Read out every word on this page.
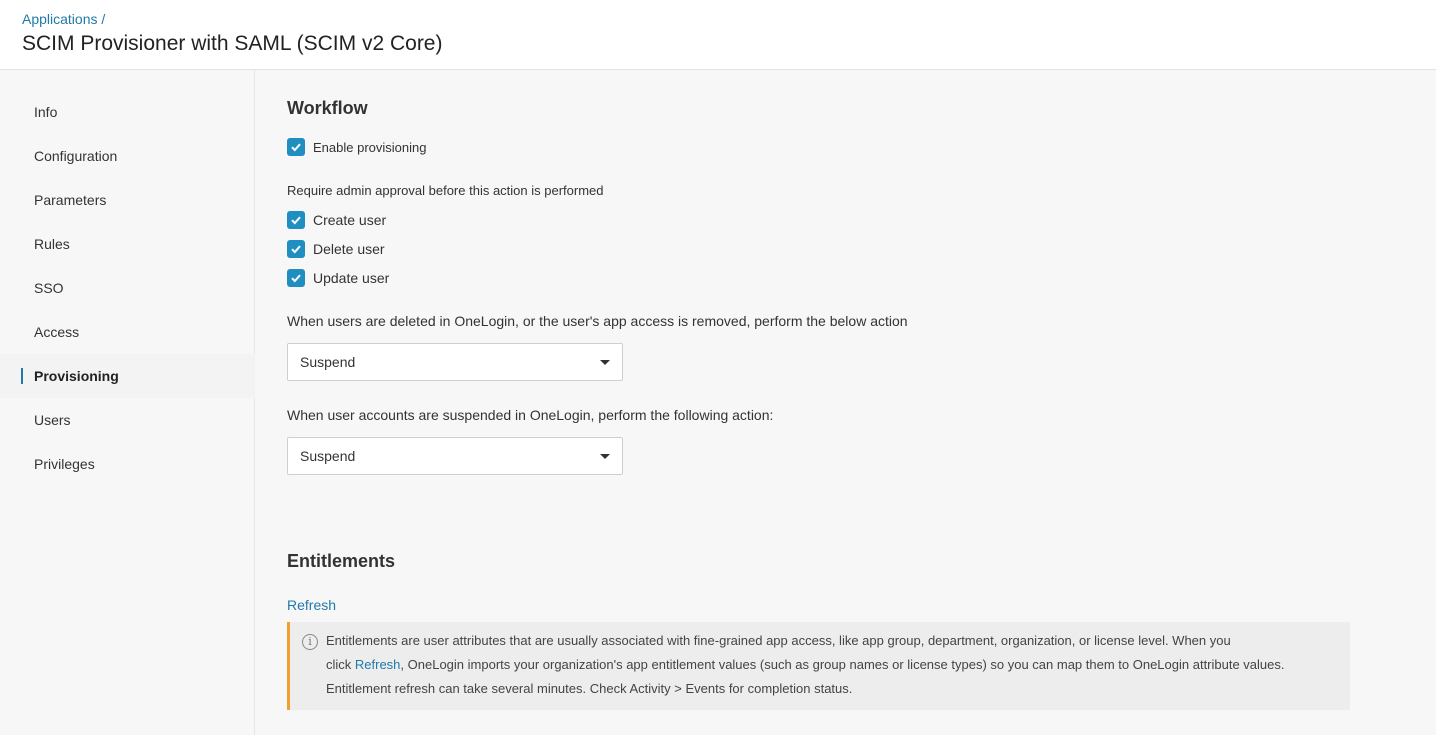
Applications /
SCIM Provisioner with SAML (SCIM v2 Core)
Info
Configuration
Parameters
Rules
SSO
Access
Provisioning
Users
Privileges
Workflow
Enable provisioning
Require admin approval before this action is performed
Create user
Delete user
Update user
When users are deleted in OneLogin, or the user's app access is removed, perform the below action
Suspend
When user accounts are suspended in OneLogin, perform the following action:
Suspend
Entitlements
Refresh
i	Entitlements are user attributes that are usually associated with fine-grained app access, like app group, department, organization, or license level. When you
click Refresh, OneLogin imports your organization's app entitlement values (such as group names or license types) so you can map them to OneLogin attribute values.
Entitlement refresh can take several minutes. Check Activity > Events for completion status.
